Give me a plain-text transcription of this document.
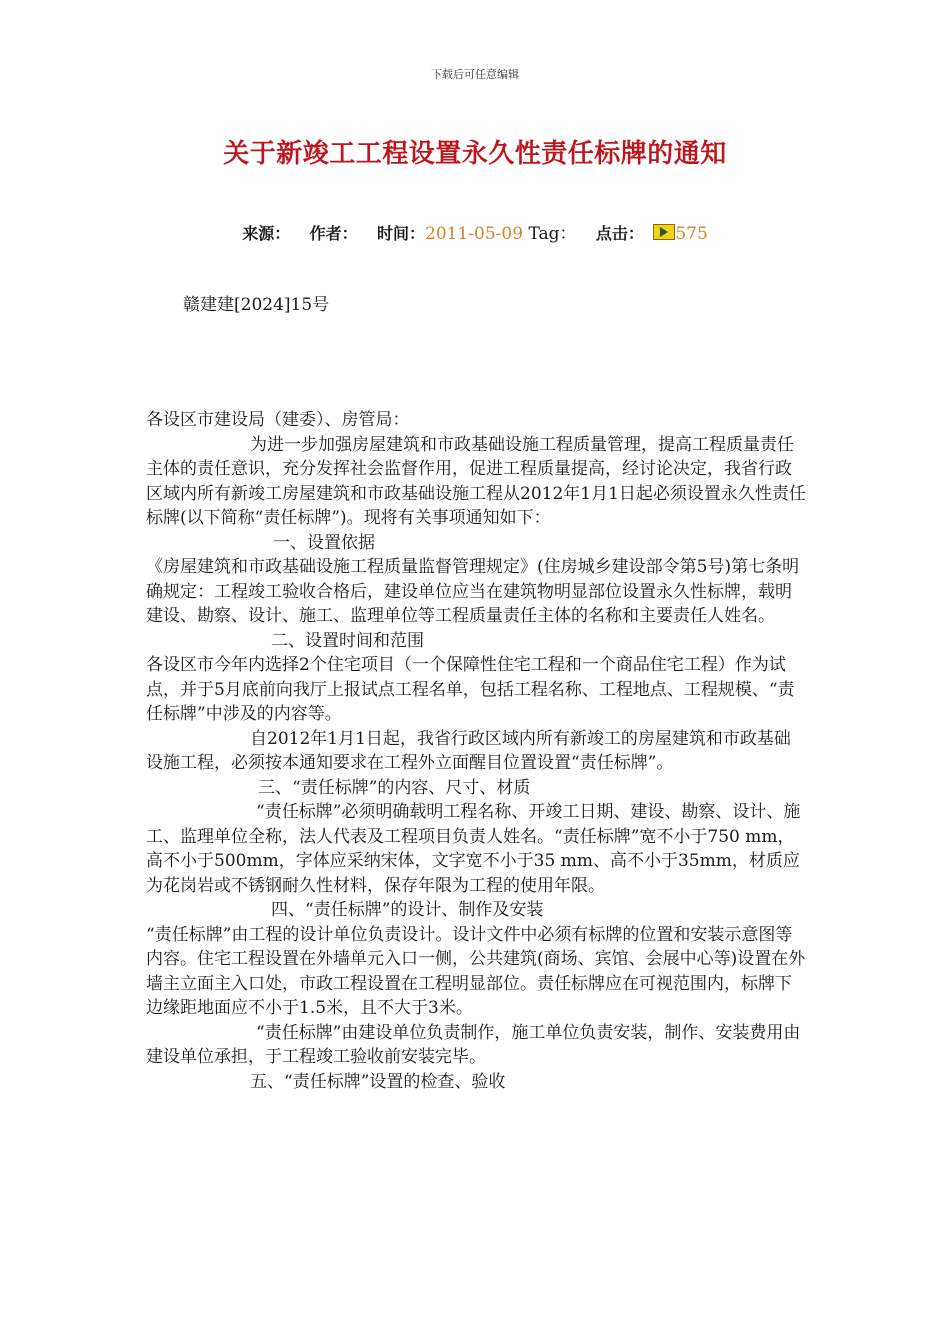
下载后可任意编辑
关于新竣工工程设置永久性责任标牌的通知
来源： 作者： 时间：2011-05-09 Tag： 点击： 575
赣建建[2024]15号

各设区市建设局（建委）、房管局：

为进一步加强房屋建筑和市政基础设施工程质量管理，提高工程质量责任主体的责任意识，充分发挥社会监督作用，促进工程质量提高，经讨论决定，我省行政区域内所有新竣工房屋建筑和市政基础设施工程从2012年1月1日起必须设置永久性责任标牌(以下简称“责任标牌”)。现将有关事项通知如下：

一、设置依据

《房屋建筑和市政基础设施工程质量监督管理规定》(住房城乡建设部令第5号)第七条明确规定：工程竣工验收合格后，建设单位应当在建筑物明显部位设置永久性标牌，载明建设、勘察、设计、施工、监理单位等工程质量责任主体的名称和主要责任人姓名。

二、设置时间和范围

各设区市今年内选择2个住宅项目（一个保障性住宅工程和一个商品住宅工程）作为试点，并于5月底前向我厅上报试点工程名单，包括工程名称、工程地点、工程规模、“责任标牌”中涉及的内容等。

自2012年1月1日起，我省行政区域内所有新竣工的房屋建筑和市政基础设施工程，必须按本通知要求在工程外立面醒目位置设置“责任标牌”。

三、“责任标牌”的内容、尺寸、材质

“责任标牌”必须明确载明工程名称、开竣工日期、建设、勘察、设计、施工、监理单位全称，法人代表及工程项目负责人姓名。“责任标牌”宽不小于750 mm，高不小于500mm，字体应采纳宋体，文字宽不小于35 mm、高不小于35mm，材质应为花岗岩或不锈钢耐久性材料，保存年限为工程的使用年限。

四、“责任标牌”的设计、制作及安装

“责任标牌”由工程的设计单位负责设计。设计文件中必须有标牌的位置和安装示意图等内容。住宅工程设置在外墙单元入口一侧，公共建筑(商场、宾馆、会展中心等)设置在外墙主立面主入口处，市政工程设置在工程明显部位。责任标牌应在可视范围内，标牌下边缘距地面应不小于1.5米，且不大于3米。

“责任标牌”由建设单位负责制作，施工单位负责安装，制作、安装费用由建设单位承担，于工程竣工验收前安装完毕。

五、“责任标牌”设置的检查、验收
